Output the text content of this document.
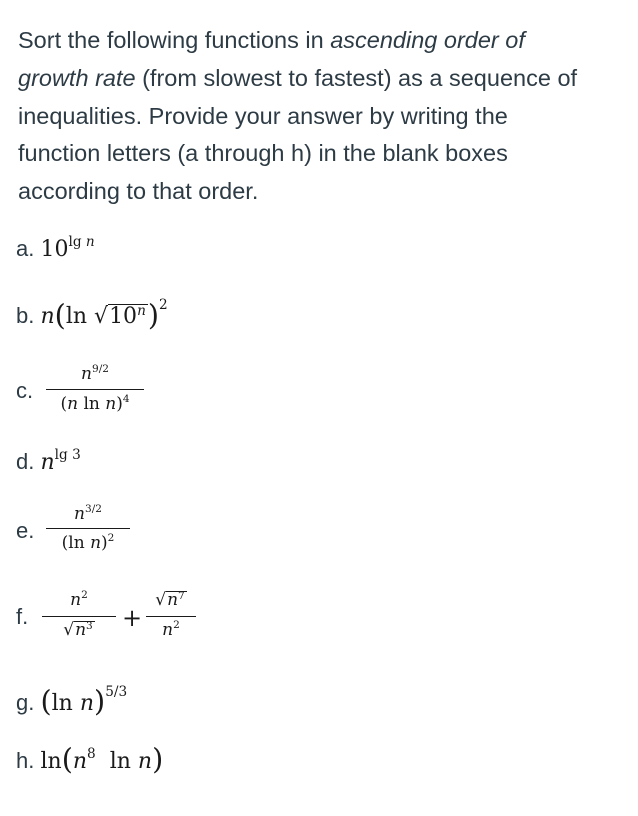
Sort the following functions in ascending order of
growth rate (from slowest to fastest) as a sequence of
inequalities. Provide your answer by writing the
function letters (a through h) in the blank boxes
according to that order.
a. $10^{lg n}$
b. n(ln √10$^n$)$^2$
c.
$n^{9/2}$
(n ln n)$^4$
d. $n^{lg 3}$
e.
$n^{3/2}$
(ln n)$^2$
f.
$n^2$
$√n^3$	+
$√n^7$
$n^2$
g. (ln n)$^{5/3}$
h. $\ln(n^8$ ln n)
